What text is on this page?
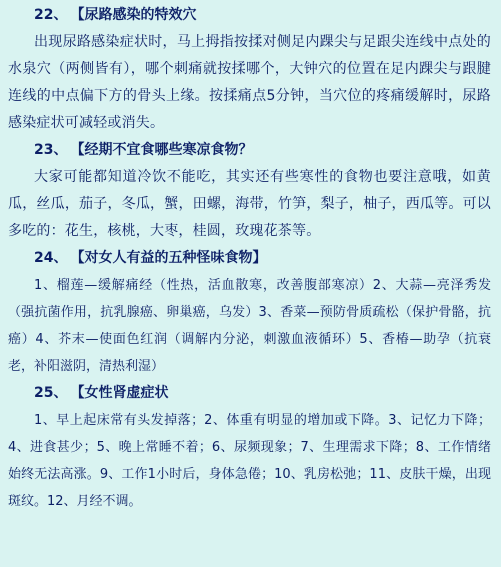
22、 【尿路感染的特效穴

出现尿路感染症状时，马上拇指按揉对侧足内踝尖与足跟尖连线中点处的水泉穴（两侧皆有），哪个刺痛就按揉哪个，大钟穴的位置在足内踝尖与跟腱连线的中点偏下方的骨头上缘。按揉痛点5分钟，当穴位的疼痛缓解时，尿路感染症状可减轻或消失。

23、 【经期不宜食哪些寒凉食物？

大家可能都知道冷饮不能吃，其实还有些寒性的食物也要注意哦，如黄瓜，丝瓜，茄子，冬瓜，蟹，田螺，海带，竹笋，梨子，柚子，西瓜等。可以多吃的：花生，核桃，大枣，桂圆，玫瑰花茶等。

24、 【对女人有益的五种怪味食物】

1、榴莲—缓解痛经（性热，活血散寒，改善腹部寒凉）2、大蒜—亮泽秀发（强抗菌作用，抗乳腺癌、卵巢癌，乌发）3、香菜—预防骨质疏松（保护骨骼，抗癌）4、芥末—使面色红润（调解内分泌，刺激血液循环）5、香椿—助孕（抗衰老，补阳滋阴，清热利湿）

25、 【女性肾虚症状

1、早上起床常有头发掉落；2、体重有明显的增加或下降。3、记忆力下降；4、进食甚少；5、晚上常睡不着；6、尿频现象；7、生理需求下降；8、工作情绪始终无法高涨。9、工作1小时后，身体急倦；10、乳房松弛；11、皮肤干燥，出现斑纹。12、月经不调。
